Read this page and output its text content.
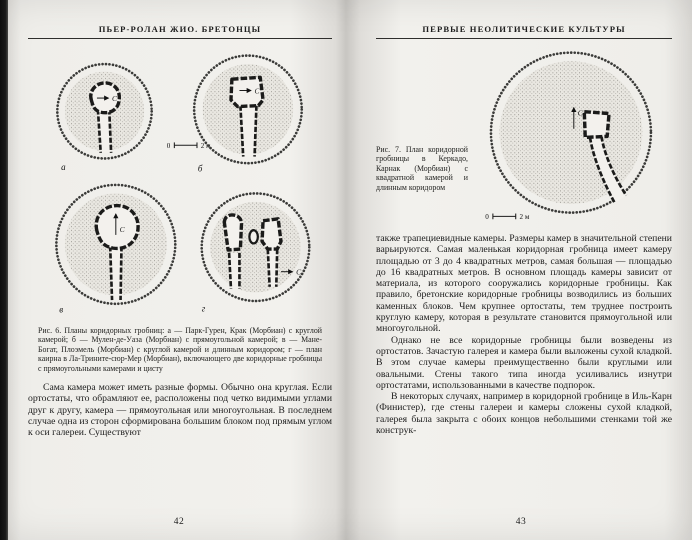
ПЬЕР-РОЛАН ЖИО. БРЕТОНЦЫ
С
а
0	2 м
С
б
С
в
С
г
Рис. 6. Планы коридорных гробниц: а — Парк-Гурен, Крак (Морбиан) с круглой камерой; б — Мулен-де-Уаза (Морбиан) с прямоугольной камерой; в — Мане-Богат, Плоэмель (Морбиан) с круглой камерой и длинным коридором; г — план каирна в Ла-Трините-сюр-Мер (Морбиан), включающего две коридорные гробницы с прямоугольными камерами и цисту

Сама камера может иметь разные формы. Обычно она круглая. Если ортостаты, что обрамляют ее, расположены под четко видимыми углами друг к другу, камера — прямоугольная или многоугольная. В последнем случае одна из сторон сформирована большим блоком под прямым углом к оси галереи. Существуют

42
ПЕРВЫЕ НЕОЛИТИЧЕСКИЕ КУЛЬТУРЫ
Рис. 7. План коридорной гробницы в Керкадо, Карнак (Морбиан) с квадратной камерой и длинным коридором
С
0	2 м

также трапециевидные камеры. Размеры камер в значительной степени варьируются. Самая маленькая коридорная гробница имеет камеру площадью от 3 до 4 квадратных метров, самая большая — площадью до 16 квадратных метров. В основном площадь камеры зависит от материала, из которого сооружались коридорные гробницы. Как правило, бретонские коридорные гробницы возводились из больших каменных блоков. Чем крупнее ортостаты, тем труднее построить круглую камеру, которая в результате становится прямоугольной или многоугольной.

Однако не все коридорные гробницы были возведены из ортостатов. Зачастую галерея и камера были выложены сухой кладкой. В этом случае камеры преимущественно были круглыми или овальными. Стены такого типа иногда усиливались изнутри ортостатами, использованными в качестве подпорок.

В некоторых случаях, например в коридорной гробнице в Иль-Карн (Финистер), где стены галереи и камеры сложены сухой кладкой, галерея была закрыта с обоих концов небольшими стенками той же конструк-

43
